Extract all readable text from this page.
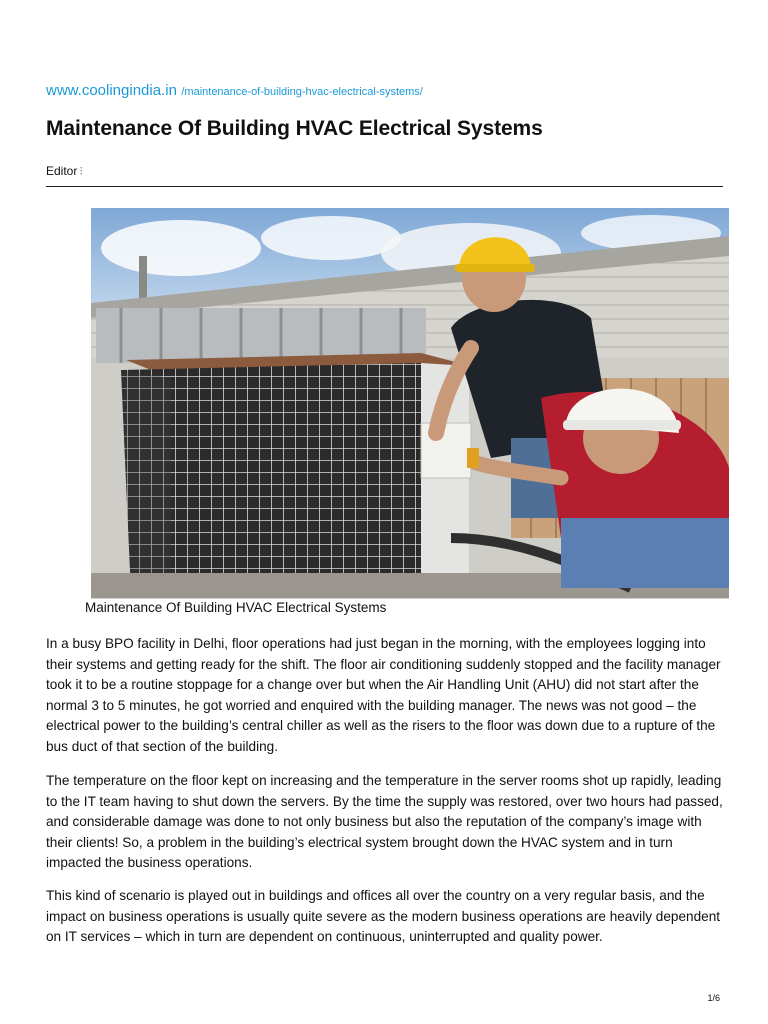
www.coolingindia.in /maintenance-of-building-hvac-electrical-systems/
Maintenance Of Building HVAC Electrical Systems
Editor ⁝
Maintenance Of Building HVAC Electrical Systems

In a busy BPO facility in Delhi, floor operations had just began in the morning, with the employees logging into their systems and getting ready for the shift. The floor air conditioning suddenly stopped and the facility manager took it to be a routine stoppage for a change over but when the Air Handling Unit (AHU) did not start after the normal 3 to 5 minutes, he got worried and enquired with the building manager. The news was not good – the electrical power to the building’s central chiller as well as the risers to the floor was down due to a rupture of the bus duct of that section of the building.

The temperature on the floor kept on increasing and the temperature in the server rooms shot up rapidly, leading to the IT team having to shut down the servers. By the time the supply was restored, over two hours had passed, and considerable damage was done to not only business but also the reputation of the company’s image with their clients! So, a problem in the building’s electrical system brought down the HVAC system and in turn impacted the business operations.

This kind of scenario is played out in buildings and offices all over the country on a very regular basis, and the impact on business operations is usually quite severe as the modern business operations are heavily dependent on IT services – which in turn are dependent on continuous, uninterrupted and quality power.

1/6
